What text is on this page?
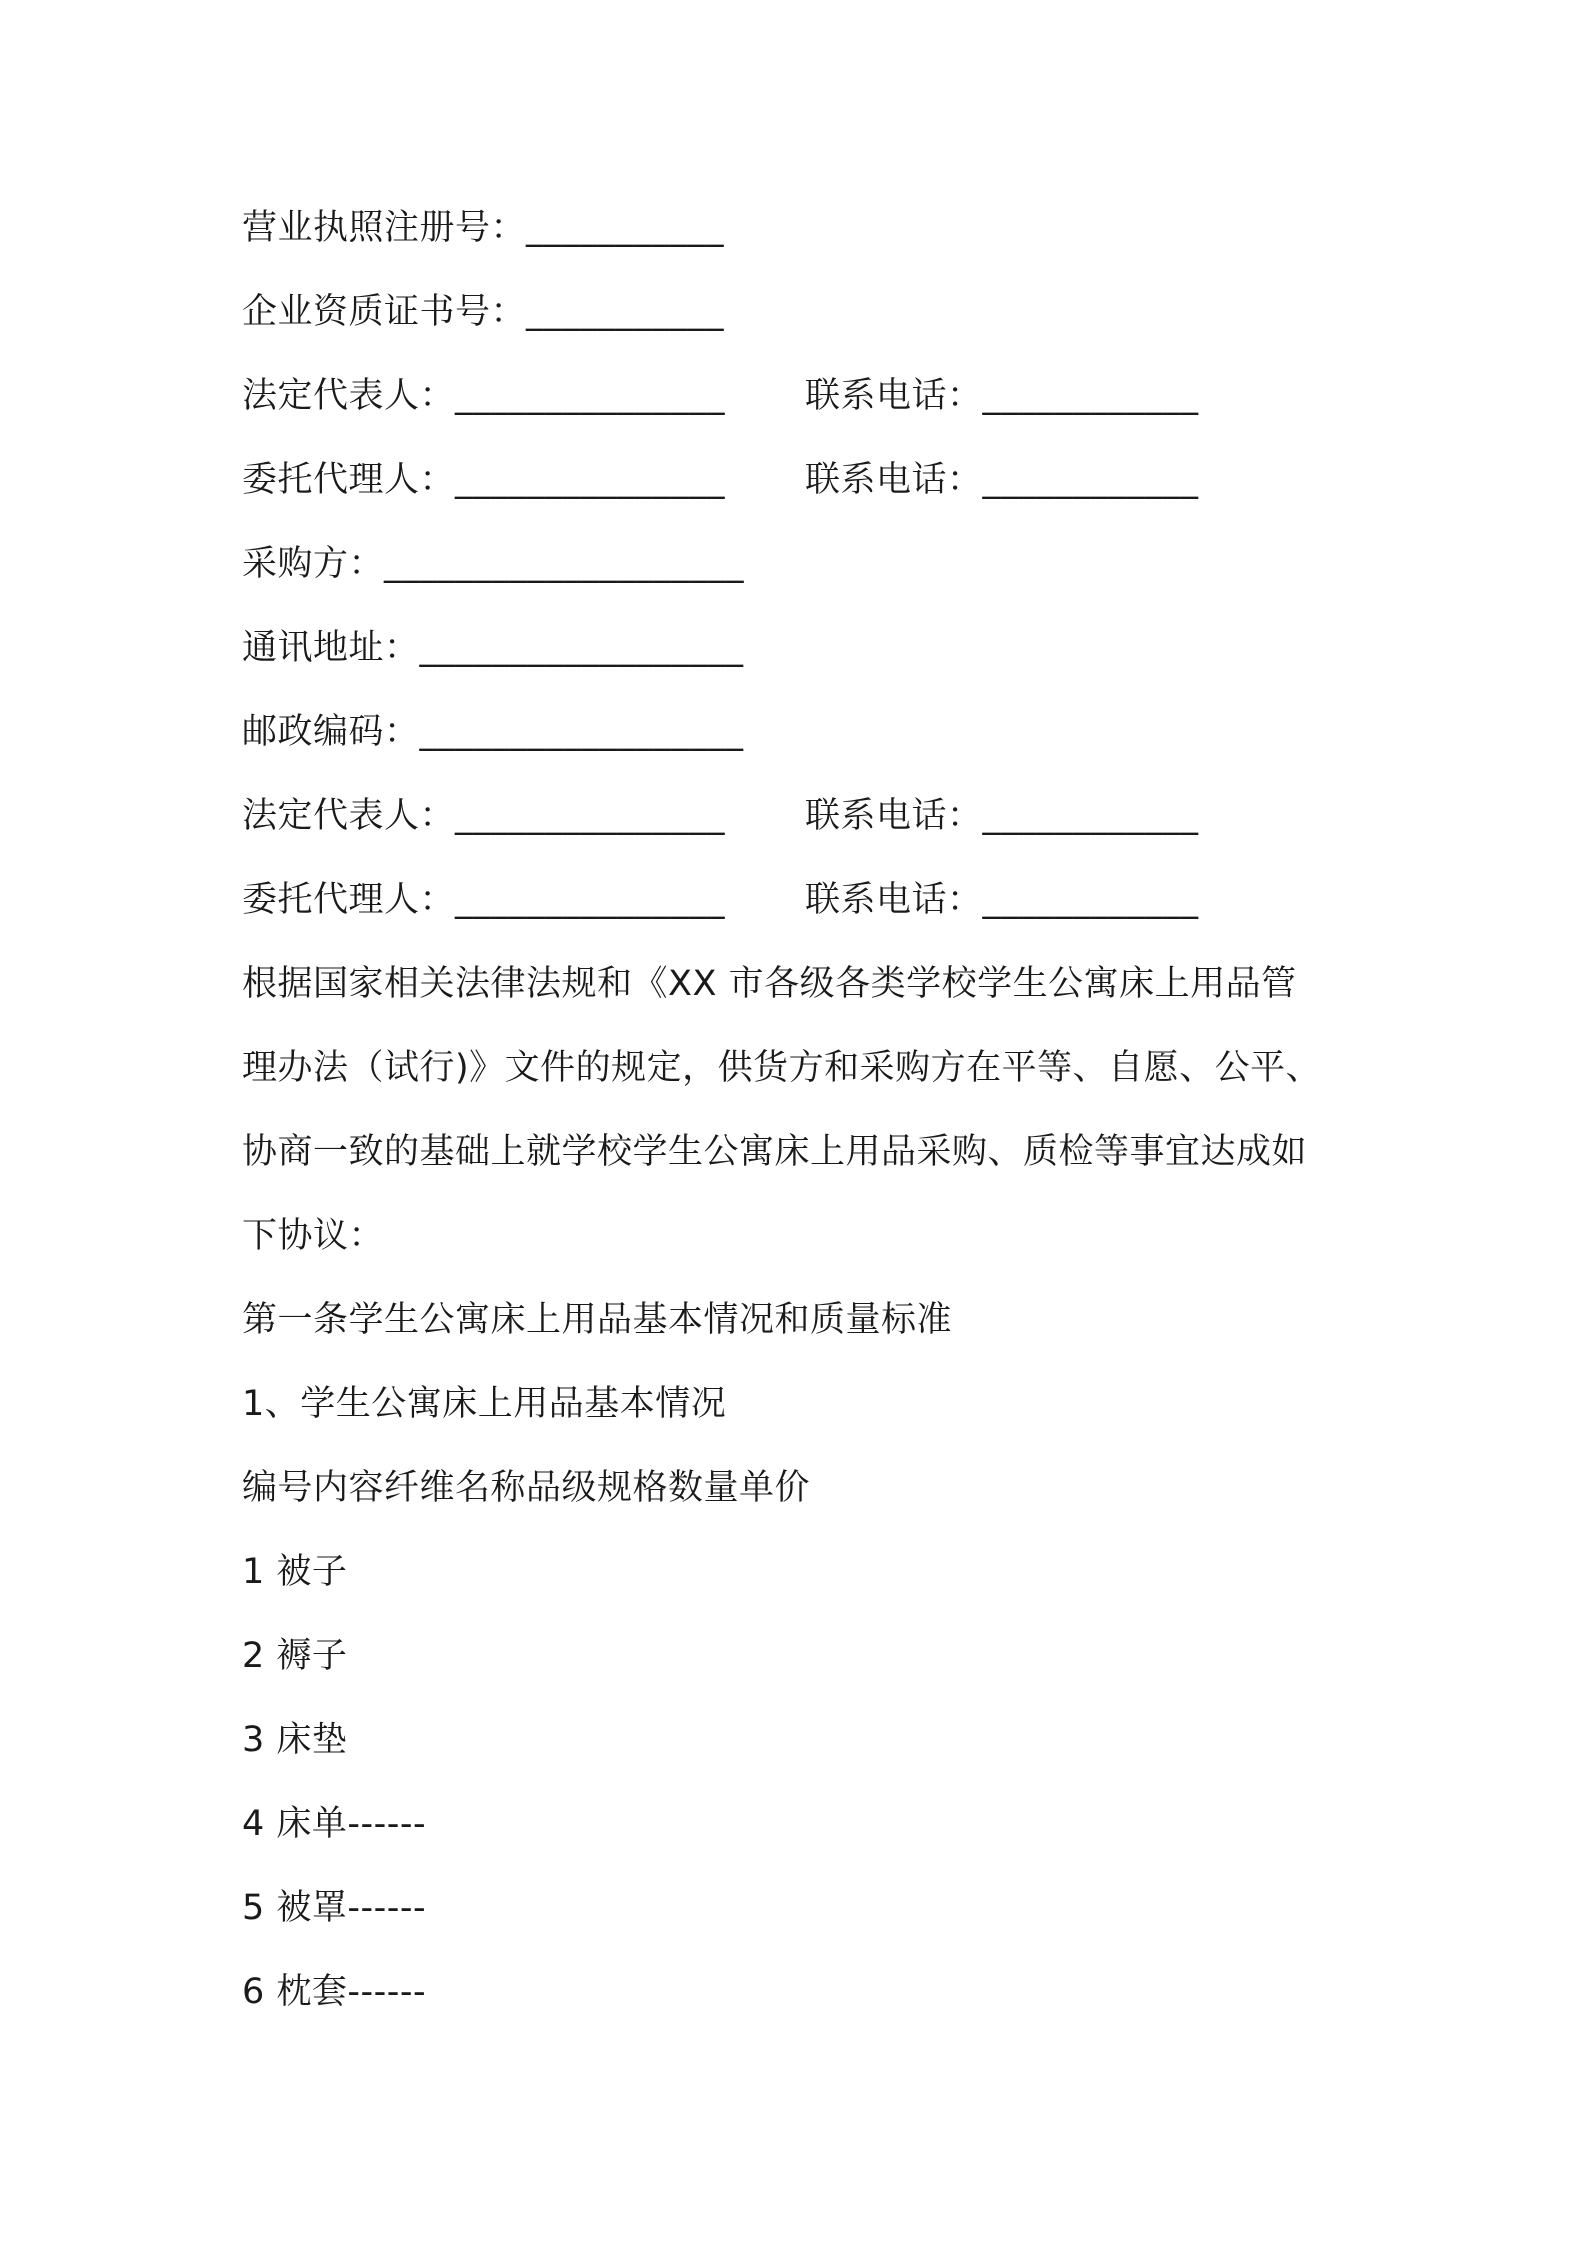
营业执照注册号：___________
企业资质证书号：___________
法定代表人：_______________ 联系电话：____________
委托代理人：_______________ 联系电话：____________
采购方：____________________
通讯地址：__________________
邮政编码：__________________
法定代表人：_______________ 联系电话：____________
委托代理人：_______________ 联系电话：____________
根据国家相关法律法规和《XX 市各级各类学校学生公寓床上用品管
理办法（试行)》文件的规定，供货方和采购方在平等、自愿、公平、
协商一致的基础上就学校学生公寓床上用品采购、质检等事宜达成如
下协议：
第一条学生公寓床上用品基本情况和质量标准
1、学生公寓床上用品基本情况
编号内容纤维名称品级规格数量单价
1 被子
2 褥子
3 床垫
4 床单------
5 被罩------
6 枕套------
